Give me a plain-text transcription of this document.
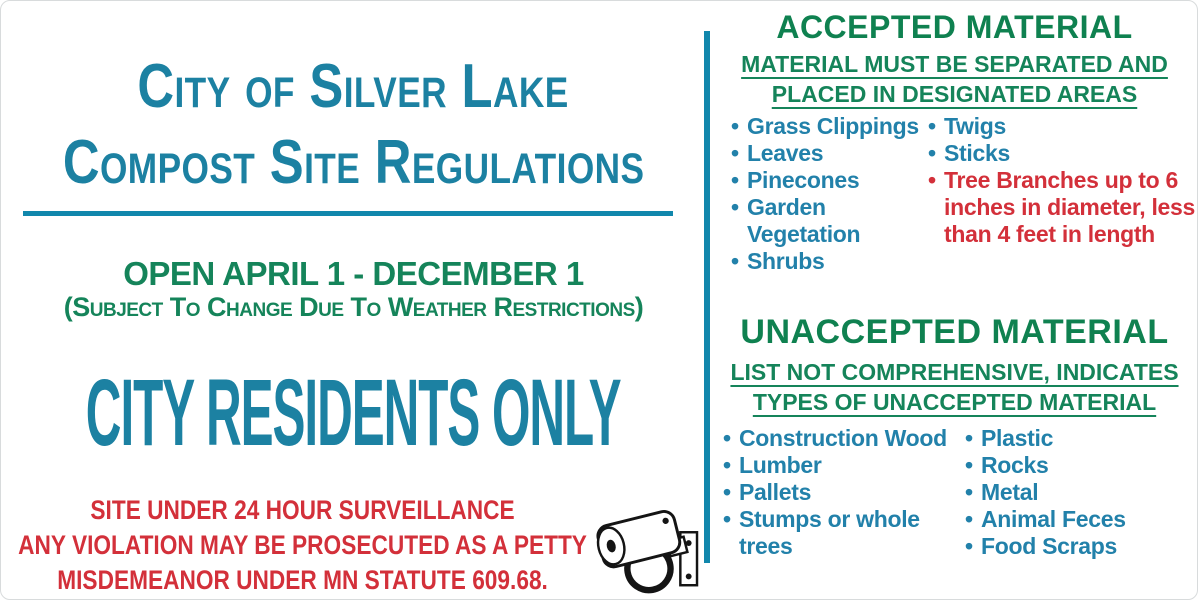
City of Silver Lake
Compost Site Regulations
OPEN APRIL 1 - DECEMBER 1
(Subject To Change Due To Weather Restrictions)
CITY RESIDENTS ONLY
SITE UNDER 24 HOUR SURVEILLANCE
ANY VIOLATION MAY BE PROSECUTED AS A PETTY
MISDEMEANOR UNDER MN STATUTE 609.68.
ACCEPTED MATERIAL
MATERIAL MUST BE SEPARATED AND
PLACED IN DESIGNATED AREAS
• Grass Clippings
• Leaves
• Pinecones
• Garden Vegetation
• Shrubs
• Twigs
• Sticks
• Tree Branches up to 6 inches in diameter, less than 4 feet in length
UNACCEPTED MATERIAL
LIST NOT COMPREHENSIVE, INDICATES
TYPES OF UNACCEPTED MATERIAL
• Construction Wood
• Lumber
• Pallets
• Stumps or whole trees
• Plastic
• Rocks
• Metal
• Animal Feces
• Food Scraps
